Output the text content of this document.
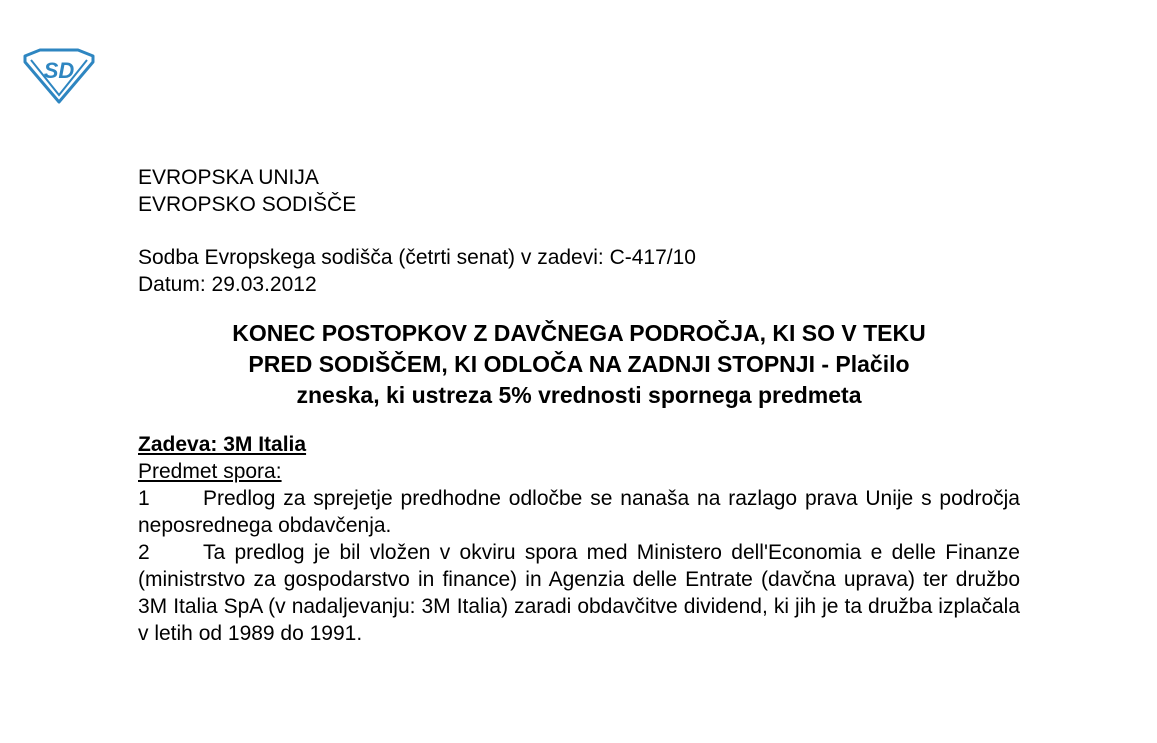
SD

EVROPSKA UNIJA

EVROPSKO SODIŠČE

Sodba Evropskega sodišča (četrti senat) v zadevi: C-417/10

Datum: 29.03.2012

KONEC POSTOPKOV Z DAVČNEGA PODROČJA, KI SO V TEKU
PRED SODIŠČEM, KI ODLOČA NA ZADNJI STOPNJI - Plačilo
zneska, ki ustreza 5% vrednosti spornega predmeta

Zadeva: 3M Italia

Predmet spora:

1	Predlog za sprejetje predhodne odločbe se nanaša na razlago prava Unije s področja neposrednega obdavčenja.

2	Ta predlog je bil vložen v okviru spora med Ministero dell'Economia e delle Finanze (ministrstvo za gospodarstvo in finance) in Agenzia delle Entrate (davčna uprava) ter družbo 3M Italia SpA (v nadaljevanju: 3M Italia) zaradi obdavčitve dividend, ki jih je ta družba izplačala v letih od 1989 do 1991.
